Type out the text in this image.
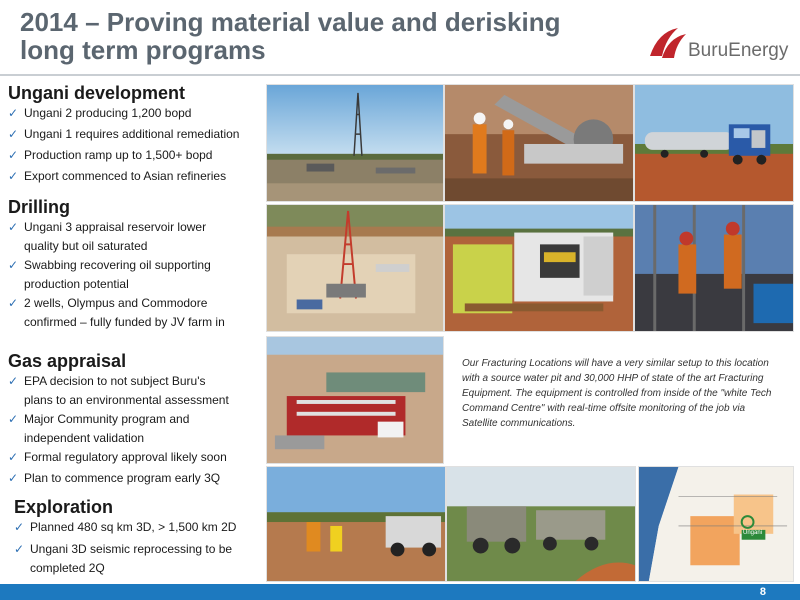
2014 – Proving material value and derisking
long term programs	BuruEnergy
Ungani development
✓ Ungani 2 producing 1,200 bopd
✓ Ungani 1 requires additional remediation
✓ Production ramp up to 1,500+ bopd
✓ Export commenced to Asian refineries
Drilling
✓ Ungani 3 appraisal reservoir lower
quality but oil saturated
✓ Swabbing recovering oil supporting
production potential
✓ 2 wells, Olympus and Commodore
confirmed – fully funded by JV farm in
Gas appraisal
✓ EPA decision to not subject Buru's
plans to an environmental assessment
✓ Major Community program and
independent validation
✓ Formal regulatory approval likely soon
✓ Plan to commence program early 3Q
Exploration
✓ Planned 480 sq km 3D, > 1,500 km 2D
✓ Ungani 3D seismic reprocessing to be
completed 2Q
Our Fracturing Locations will have a very similar setup to this location with a source water pit and 30,000 HHP of state of the art Fracturing Equipment. The equipment is controlled from inside of the "white Tech Command Centre" with real-time offsite monitoring of the job via Satellite communications.
Ungani
8
